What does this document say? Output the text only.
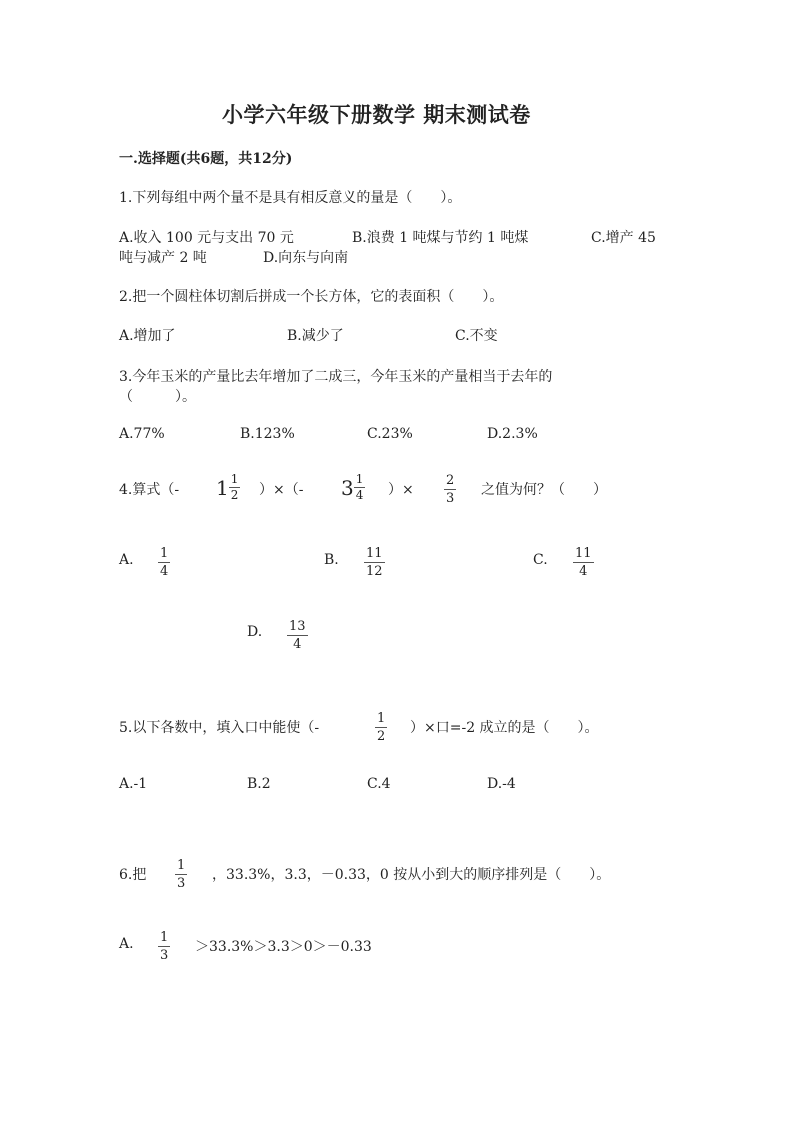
小学六年级下册数学 期末测试卷
一.选择题(共6题，共12分)
1.下列每组中两个量不是具有相反意义的量是（　　）。
A.收入 100 元与支出 70 元	B.浪费 1 吨煤与节约 1 吨煤	C.增产 45
吨与减产 2 吨	D.向东与向南
2.把一个圆柱体切割后拼成一个长方体，它的表面积（　　）。
A.增加了	B.减少了	C.不变
3.今年玉米的产量比去年增加了二成三，今年玉米的产量相当于去年的
（　　　）。
A.77%	B.123%	C.23%	D.2.3%
4.算式（- $1 \frac{1}{2}$ ）×（- $3 \frac{1}{4}$ ）×
2
3
之值为何？（　　）
A. 1
4
B. 11
12
C. 11
4
D. 13
4
5.以下各数中，填入口中能使（-
1
2
）×口=-2 成立的是（　　）。
A.-1	B.2	C.4	D.-4
6.把
1
3
，33.3%，3.3，－0.33，0 按从小到大的顺序排列是（　　）。
A. 1
3
＞33.3%＞3.3＞0＞－0.33
